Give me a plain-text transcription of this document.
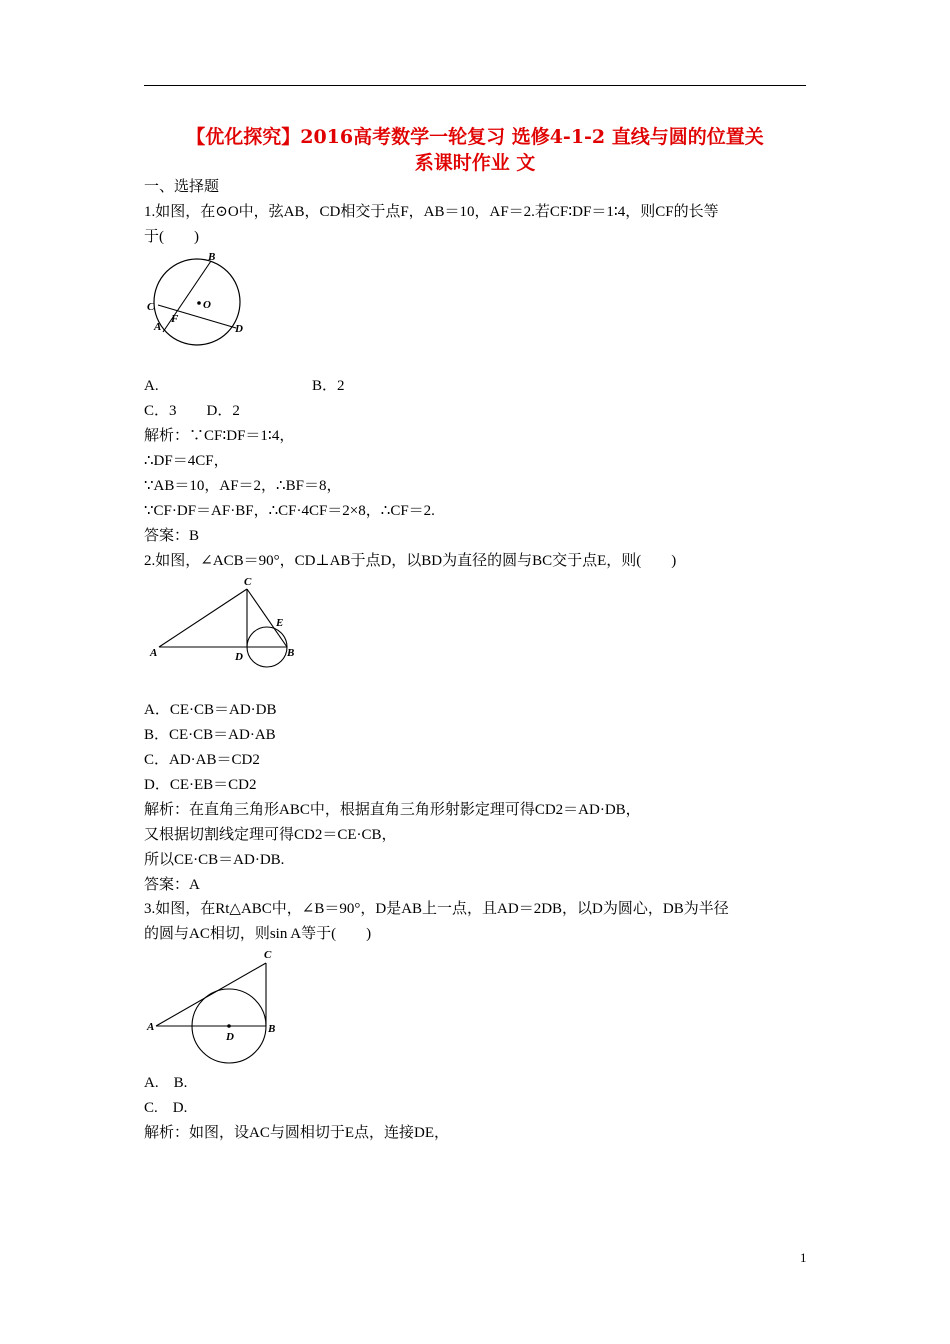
【优化探究】2016高考数学一轮复习 选修4-1-2 直线与圆的位置关
系课时作业 文
一、选择题
1.如图，在⊙O中，弦AB，CD相交于点F，AB＝10，AF＝2.若CF∶DF＝1∶4，则CF的长等
于(　　)
B
C	O
F
A	D
A.	B．2
C．3　　D．2
解析：∵CF∶DF＝1∶4，
∴DF＝4CF，
∵AB＝10，AF＝2，∴BF＝8，
∵CF·DF＝AF·BF，∴CF·4CF＝2×8，∴CF＝2.
答案：B
2.如图，∠ACB＝90°，CD⊥AB于点D，以BD为直径的圆与BC交于点E，则(　　)
C
E
A	D	B
A．CE·CB＝AD·DB
B．CE·CB＝AD·AB
C．AD·AB＝CD2
D．CE·EB＝CD2
解析：在直角三角形ABC中，根据直角三角形射影定理可得CD2＝AD·DB，
又根据切割线定理可得CD2＝CE·CB，
所以CE·CB＝AD·DB.
答案：A
3.如图，在Rt△ABC中，∠B＝90°，D是AB上一点，且AD＝2DB，以D为圆心，DB为半径
的圆与AC相切，则sin A等于(　　)
C
A
D
B
A.　B.
C.　D.
解析：如图，设AC与圆相切于E点，连接DE，
1
